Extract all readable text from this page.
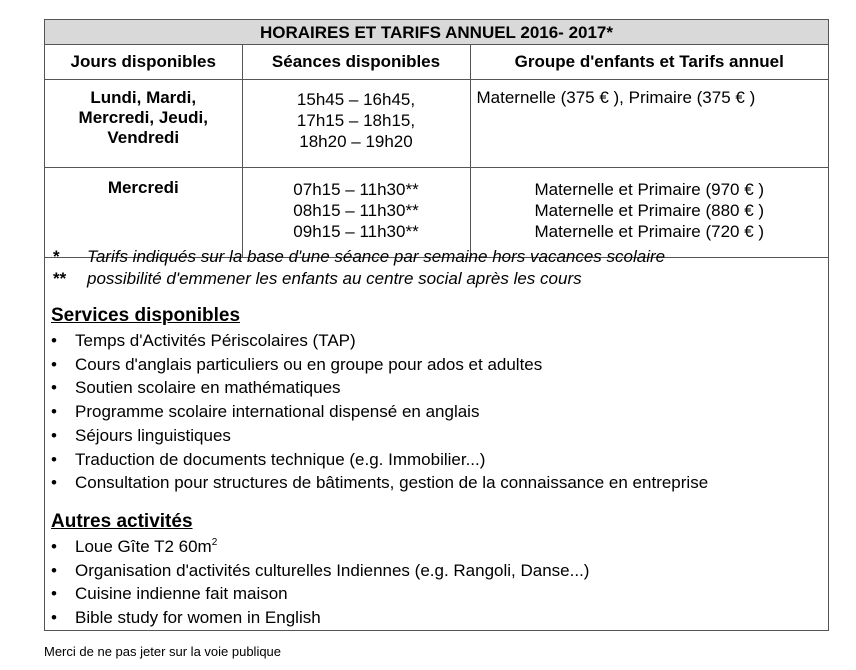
HORAIRES ET TARIFS ANNUEL 2016- 2017*
Jours disponibles	Séances disponibles	Groupe d'enfants et Tarifs annuel

Lundi, Mardi,
Mercredi, Jeudi,
Vendredi	15h45 – 16h45,
17h15 – 18h15,
18h20 – 19h20	Maternelle (375 € ), Primaire (375 € )

Mercredi	07h15 – 11h30**
08h15 – 11h30**
09h15 – 11h30**	Maternelle et Primaire (970 € )
Maternelle et Primaire (880 € )
Maternelle et Primaire (720 € )
*	Tarifs indiqués sur la base d'une séance par semaine hors vacances scolaire
**	possibilité d'emmener les enfants au centre social après les cours
Services disponibles
•	Temps d'Activités Périscolaires (TAP)
•	Cours d'anglais particuliers ou en groupe pour ados et adultes
•	Soutien scolaire en mathématiques
•	Programme scolaire international dispensé en anglais
•	Séjours linguistiques
•	Traduction de documents technique (e.g. Immobilier...)
•	Consultation pour structures de bâtiments, gestion de la connaissance en entreprise
Autres activités
•	Loue Gîte T2 $60m^2$
•	Organisation d'activités culturelles Indiennes (e.g. Rangoli, Danse...)
•	Cuisine indienne fait maison
•	Bible study for women in English
Merci de ne pas jeter sur la voie publique
